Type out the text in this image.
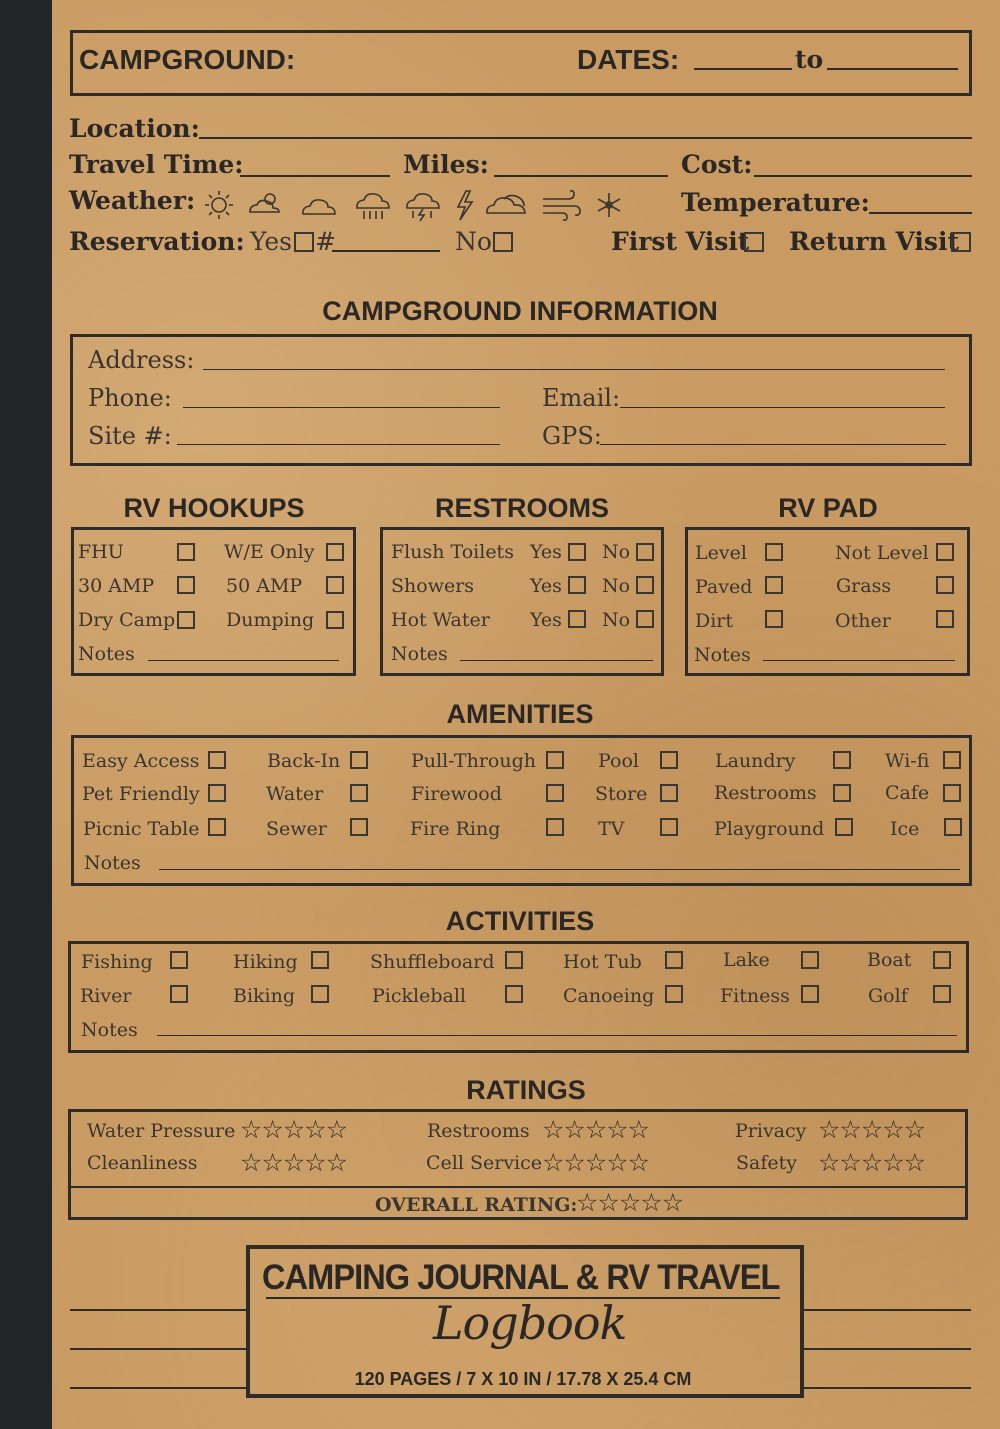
CAMPGROUND:	DATES:	to
Location:
Travel Time:	Miles:	Cost:
Weather:	Temperature:
Reservation: Yes #	No	First Visit Return Visit
CAMPGROUND INFORMATION
Address:
Phone:	Email:
Site #:	GPS:
RV HOOKUPS
FHU	W/E Only
30 AMP	50 AMP
Dry Camp	Dumping
Notes
RESTROOMS
Flush Toilets Yes No
Showers	Yes No
Hot Water Yes No
Notes
RV PAD
Level	Not Level
Paved	Grass
Dirt	Other
Notes
AMENITIES
Easy Access	Back-In	Pull-Through	Pool	Laundry	Wi-fi
Pet Friendly	Water	Firewood	Store	Restrooms	Cafe
Picnic Table	Sewer	Fire Ring	TV	Playground	Ice
Notes
ACTIVITIES
Fishing	Hiking	Shuffleboard	Hot Tub	Lake	Boat
River	Biking	Pickleball	Canoeing	Fitness	Golf
Notes
RATINGS
Water Pressure ☆☆☆☆☆	Restrooms ☆☆☆☆☆	Privacy ☆☆☆☆☆
Cleanliness ☆☆☆☆☆	Cell Service ☆☆☆☆☆	Safety ☆☆☆☆☆
OVERALL RATING:
☆☆☆☆☆
CAMPING JOURNAL & RV TRAVEL
Logbook
120 PAGES / 7 X 10 IN / 17.78 X 25.4 CM
